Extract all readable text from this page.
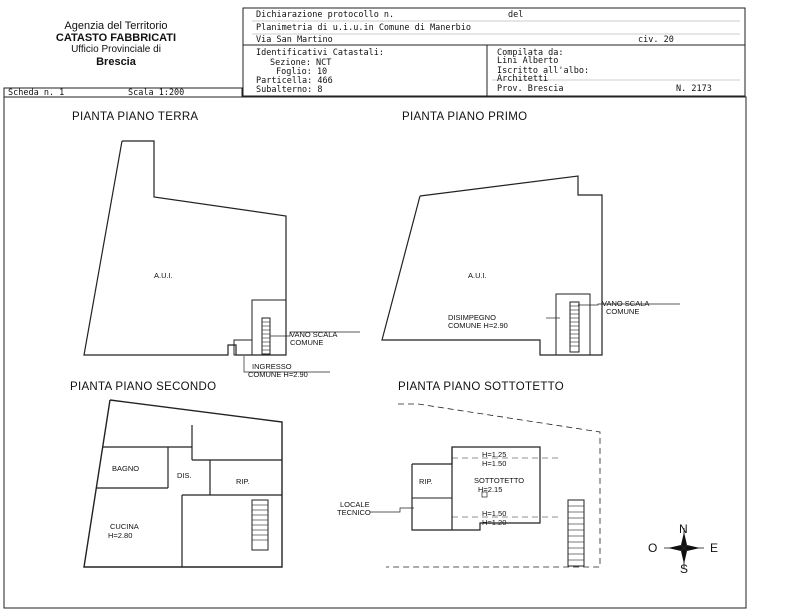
Agenzia del Territorio
CATASTO FABBRICATI
Ufficio Provinciale di
Brescia
Dichiarazione protocollo n.	del
Planimetria di u.i.u.in Comune di Manerbio
Via San Martino	civ. 20
Identificativi Catastali:
Sezione: NCT
Foglio: 10
Particella: 466
Subalterno: 8
Compilata da:
Lini Alberto
Iscritto all'albo:
Architetti
Prov. Brescia	N. 2173
Scheda n. 1	Scala 1:200
PIANTA PIANO TERRA	PIANTA PIANO PRIMO
PIANTA PIANO SECONDO	PIANTA PIANO SOTTOTETTO
A.U.I.
VANO SCALA
COMUNE
INGRESSO
COMUNE H=2.90
A.U.I.
DISIMPEGNO
COMUNE H=2.90
VANO SCALA
COMUNE
BAGNO
DIS.
RIP.
CUCINA
H=2.80
H=1.25
H=1.50
RIP.	SOTTOTETTO
H=2.15
LOCALE
TECNICO	H=1.50
H=1.20	N
S
O	E
